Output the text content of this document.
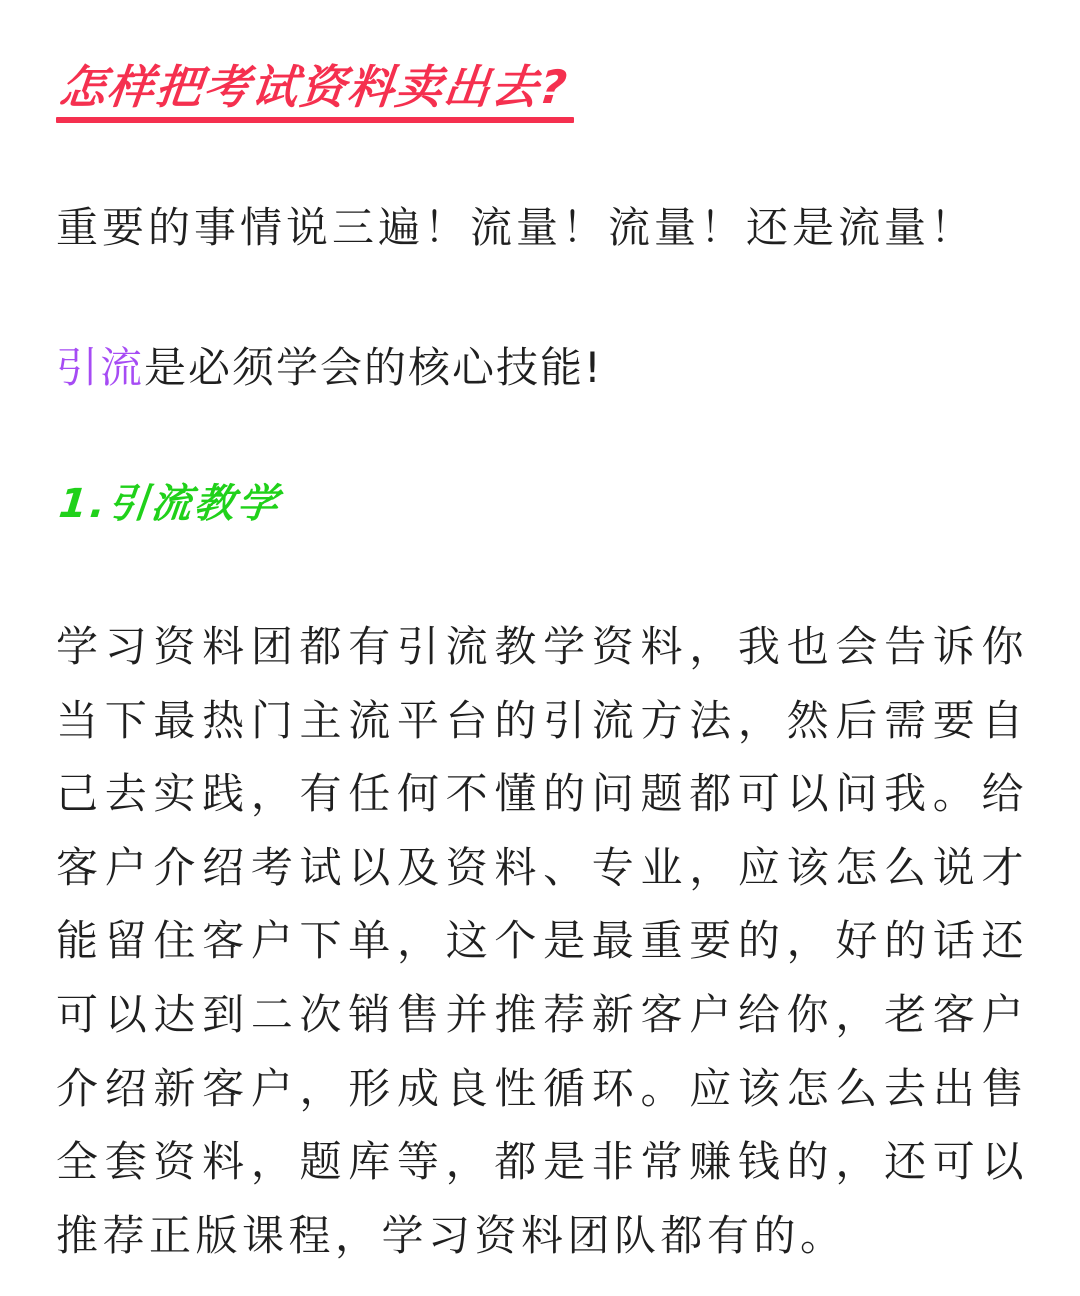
怎样把考试资料卖出去?
重要的事情说三遍！流量！流量！还是流量！
引流是必须学会的核心技能!
1.引流教学
学习资料团都有引流教学资料，我也会告诉你
当下最热门主流平台的引流方法，然后需要自
己去实践，有任何不懂的问题都可以问我。给
客户介绍考试以及资料、专业，应该怎么说才
能留住客户下单，这个是最重要的，好的话还
可以达到二次销售并推荐新客户给你，老客户
介绍新客户，形成良性循环。应该怎么去出售
全套资料，题库等，都是非常赚钱的，还可以
推荐正版课程，学习资料团队都有的。
